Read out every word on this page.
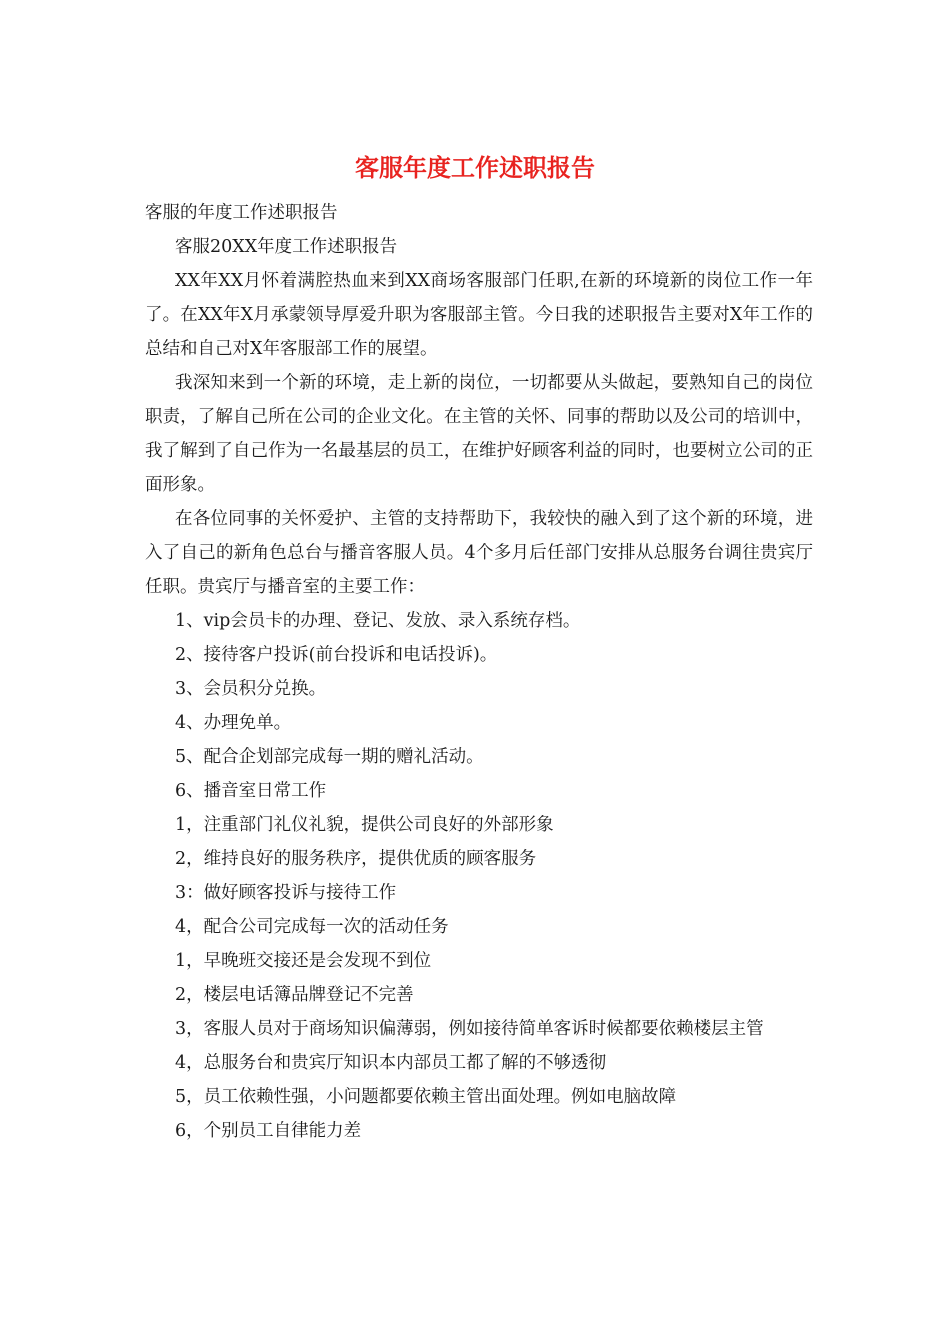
客服年度工作述职报告

客服的年度工作述职报告

客服20XX年度工作述职报告

XX年XX月怀着满腔热血来到XX商场客服部门任职,在新的环境新的岗位工作一年了。在XX年X月承蒙领导厚爱升职为客服部主管。今日我的述职报告主要对X年工作的总结和自己对X年客服部工作的展望。

我深知来到一个新的环境，走上新的岗位，一切都要从头做起，要熟知自己的岗位职责，了解自己所在公司的企业文化。在主管的关怀、同事的帮助以及公司的培训中，我了解到了自己作为一名最基层的员工，在维护好顾客利益的同时，也要树立公司的正面形象。

在各位同事的关怀爱护、主管的支持帮助下，我较快的融入到了这个新的环境，进入了自己的新角色总台与播音客服人员。4个多月后任部门安排从总服务台调往贵宾厅任职。贵宾厅与播音室的主要工作：

1、vip会员卡的办理、登记、发放、录入系统存档。

2、接待客户投诉(前台投诉和电话投诉)。

3、会员积分兑换。

4、办理免单。

5、配合企划部完成每一期的赠礼活动。

6、播音室日常工作

1，注重部门礼仪礼貌，提供公司良好的外部形象

2，维持良好的服务秩序，提供优质的顾客服务

3：做好顾客投诉与接待工作

4，配合公司完成每一次的活动任务

1，早晚班交接还是会发现不到位

2，楼层电话簿品牌登记不完善

3，客服人员对于商场知识偏薄弱，例如接待简单客诉时候都要依赖楼层主管

4，总服务台和贵宾厅知识本内部员工都了解的不够透彻

5，员工依赖性强，小问题都要依赖主管出面处理。例如电脑故障

6，个别员工自律能力差
